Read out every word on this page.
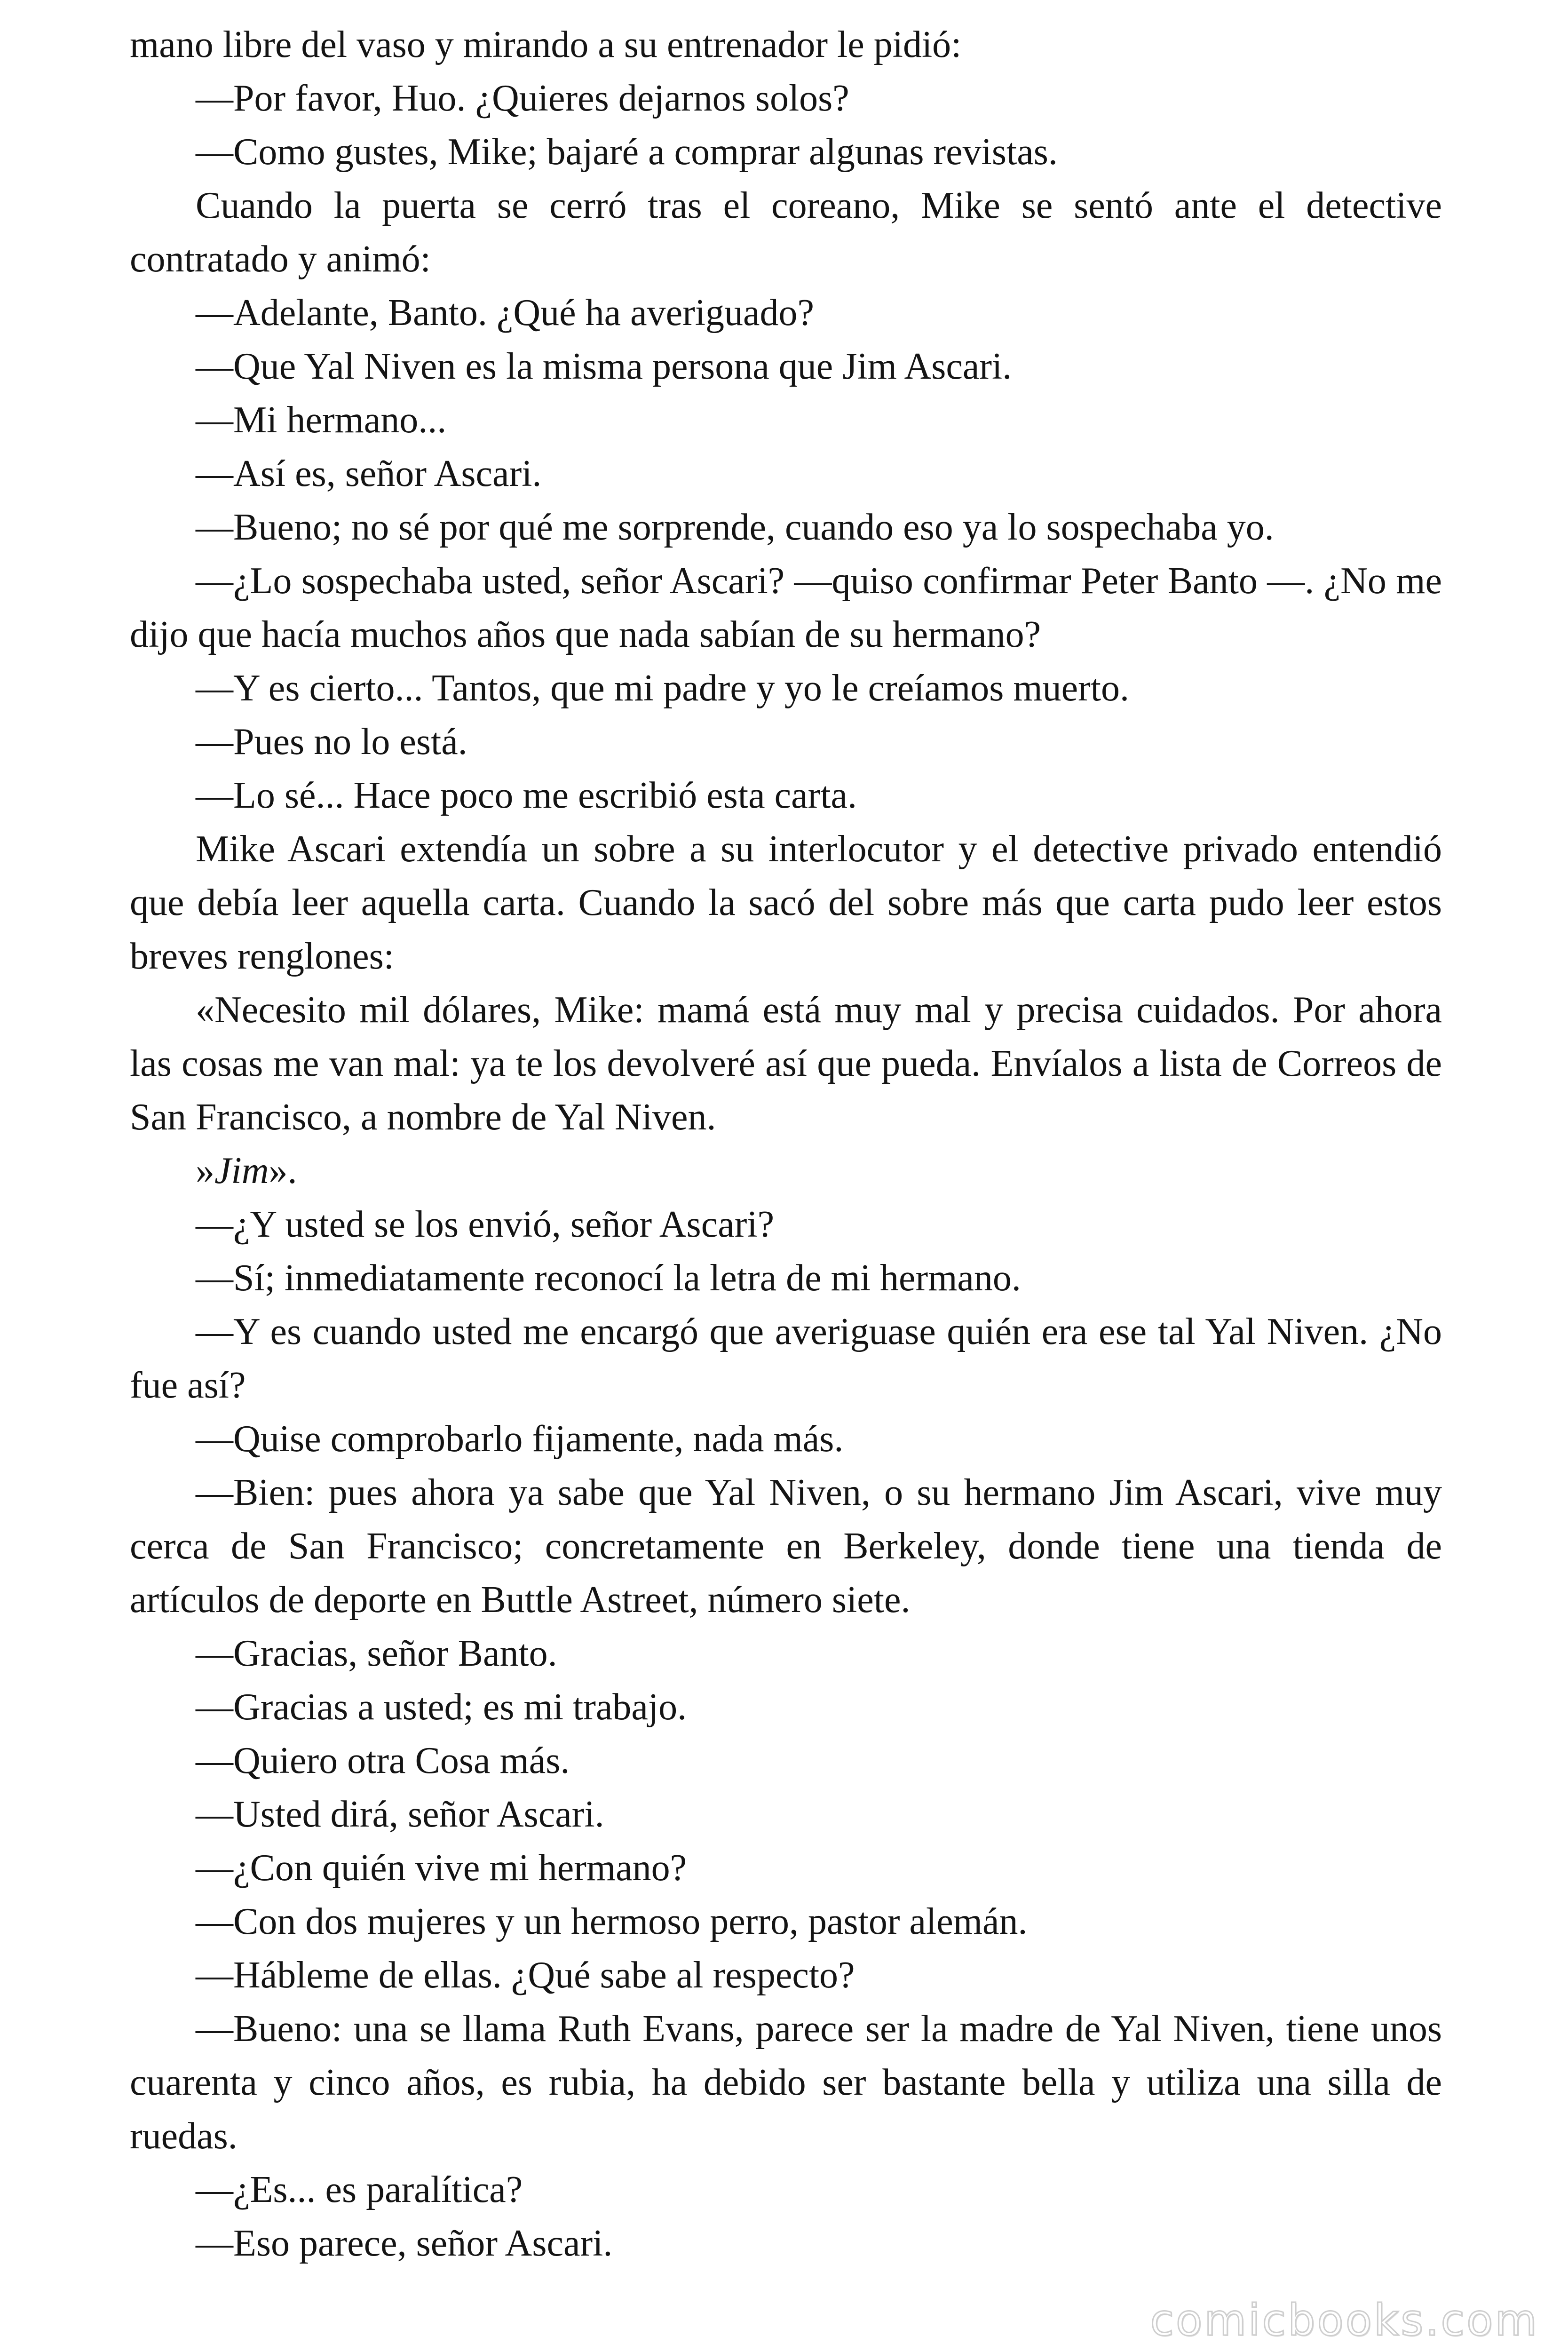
mano libre del vaso y mirando a su entrenador le pidió:

—Por favor, Huo. ¿Quieres dejarnos solos?

—Como gustes, Mike; bajaré a comprar algunas revistas.

Cuando la puerta se cerró tras el coreano, Mike se sentó ante el detective contratado y animó:

—Adelante, Banto. ¿Qué ha averiguado?

—Que Yal Niven es la misma persona que Jim Ascari.

—Mi hermano...

—Así es, señor Ascari.

—Bueno; no sé por qué me sorprende, cuando eso ya lo sospechaba yo.

—¿Lo sospechaba usted, señor Ascari? —quiso confirmar Peter Banto —. ¿No me dijo que hacía muchos años que nada sabían de su hermano?

—Y es cierto... Tantos, que mi padre y yo le creíamos muerto.

—Pues no lo está.

—Lo sé... Hace poco me escribió esta carta.

Mike Ascari extendía un sobre a su interlocutor y el detective privado entendió que debía leer aquella carta. Cuando la sacó del sobre más que carta pudo leer estos breves renglones:

«Necesito mil dólares, Mike: mamá está muy mal y precisa cuidados. Por ahora las cosas me van mal: ya te los devolveré así que pueda. Envíalos a lista de Correos de San Francisco, a nombre de Yal Niven.

»Jim».

—¿Y usted se los envió, señor Ascari?

—Sí; inmediatamente reconocí la letra de mi hermano.

—Y es cuando usted me encargó que averiguase quién era ese tal Yal Niven. ¿No fue así?

—Quise comprobarlo fijamente, nada más.

—Bien: pues ahora ya sabe que Yal Niven, o su hermano Jim Ascari, vive muy cerca de San Francisco; concretamente en Berkeley, donde tiene una tienda de artículos de deporte en Buttle Astreet, número siete.

—Gracias, señor Banto.

—Gracias a usted; es mi trabajo.

—Quiero otra Cosa más.

—Usted dirá, señor Ascari.

—¿Con quién vive mi hermano?

—Con dos mujeres y un hermoso perro, pastor alemán.

—Hábleme de ellas. ¿Qué sabe al respecto?

—Bueno: una se llama Ruth Evans, parece ser la madre de Yal Niven, tiene unos cuarenta y cinco años, es rubia, ha debido ser bastante bella y utiliza una silla de ruedas.

—¿Es... es paralítica?

—Eso parece, señor Ascari.

comicbooks.com
